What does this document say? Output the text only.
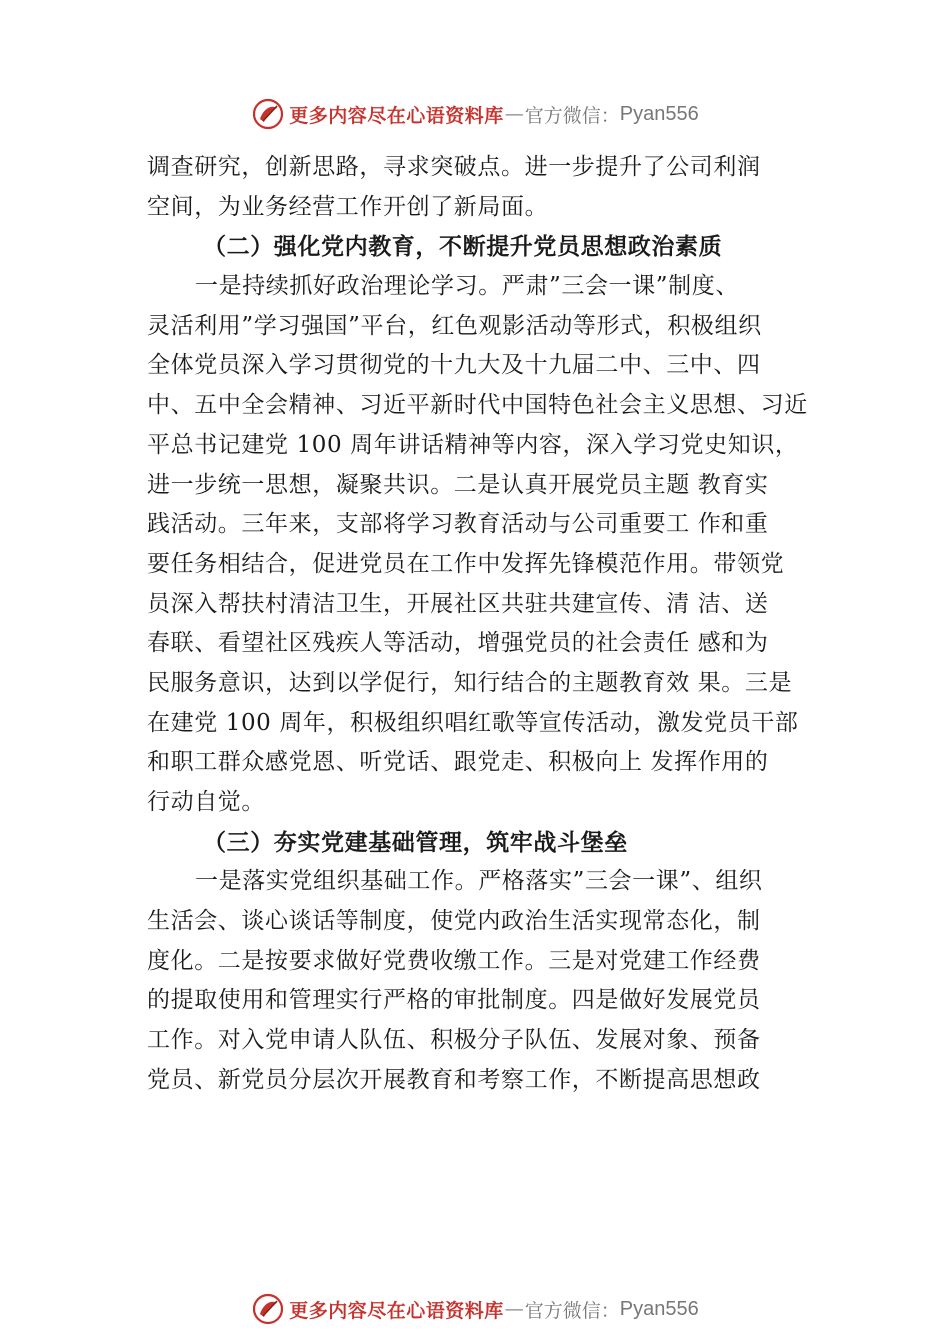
更多内容尽在心语资料库 — 官方微信： Pyan556
调查研究，创新思路，寻求突破点。进一步提升了公司利润
空间，为业务经营工作开创了新局面。
（二）强化党内教育，不断提升党员思想政治素质
一是持续抓好政治理论学习。严肃”三会一课”制度、
灵活利用”学习强国”平台，红色观影活动等形式，积极组织
全体党员深入学习贯彻党的十九大及十九届二中、三中、四
中、五中全会精神、习近平新时代中国特色社会主义思想、习近
平总书记建党 100 周年讲话精神等内容，深入学习党史知识，
进一步统一思想，凝聚共识。二是认真开展党员主题 教育实
践活动。三年来，支部将学习教育活动与公司重要工 作和重
要任务相结合，促进党员在工作中发挥先锋模范作用。带领党
员深入帮扶村清洁卫生，开展社区共驻共建宣传、清 洁、送
春联、看望社区残疾人等活动，增强党员的社会责任 感和为
民服务意识，达到以学促行，知行结合的主题教育效 果。三是
在建党 100 周年，积极组织唱红歌等宣传活动，激发党员干部
和职工群众感党恩、听党话、跟党走、积极向上 发挥作用的
行动自觉。
（三）夯实党建基础管理，筑牢战斗堡垒
一是落实党组织基础工作。严格落实”三会一课”、组织
生活会、谈心谈话等制度，使党内政治生活实现常态化，制
度化。二是按要求做好党费收缴工作。三是对党建工作经费
的提取使用和管理实行严格的审批制度。四是做好发展党员
工作。对入党申请人队伍、积极分子队伍、发展对象、预备
党员、新党员分层次开展教育和考察工作，不断提高思想政
更多内容尽在心语资料库 — 官方微信： Pyan556
